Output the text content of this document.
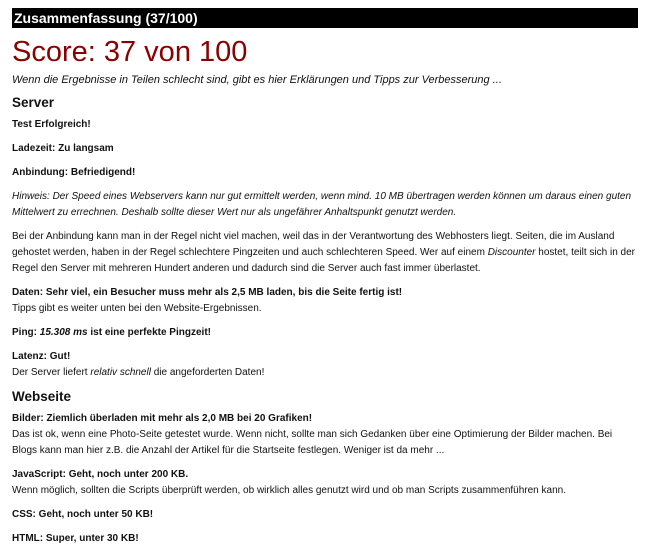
Zusammenfassung (37/100)
Score: 37 von 100
Wenn die Ergebnisse in Teilen schlecht sind, gibt es hier Erklärungen und Tipps zur Verbesserung ...
Server

Test Erfolgreich!

Ladezeit: Zu langsam

Anbindung: Befriedigend!

Hinweis: Der Speed eines Webservers kann nur gut ermittelt werden, wenn mind. 10 MB übertragen werden können um daraus einen guten Mittelwert zu errechnen. Deshalb sollte dieser Wert nur als ungefährer Anhaltspunkt genutzt werden.

Bei der Anbindung kann man in der Regel nicht viel machen, weil das in der Verantwortung des Webhosters liegt. Seiten, die im Ausland gehostet werden, haben in der Regel schlechtere Pingzeiten und auch schlechteren Speed. Wer auf einem Discounter hostet, teilt sich in der Regel den Server mit mehreren Hundert anderen und dadurch sind die Server auch fast immer überlastet.

Daten: Sehr viel, ein Besucher muss mehr als 2,5 MB laden, bis die Seite fertig ist!
Tipps gibt es weiter unten bei den Website-Ergebnissen.

Ping: 15.308 ms ist eine perfekte Pingzeit!

Latenz: Gut!
Der Server liefert relativ schnell die angeforderten Daten!

Webseite

Bilder: Ziemlich überladen mit mehr als 2,0 MB bei 20 Grafiken!
Das ist ok, wenn eine Photo-Seite getestet wurde. Wenn nicht, sollte man sich Gedanken über eine Optimierung der Bilder machen. Bei Blogs kann man hier z.B. die Anzahl der Artikel für die Startseite festlegen. Weniger ist da mehr ...

JavaScript: Geht, noch unter 200 KB.
Wenn möglich, sollten die Scripts überprüft werden, ob wirklich alles genutzt wird und ob man Scripts zusammenführen kann.

CSS: Geht, noch unter 50 KB!

HTML: Super, unter 30 KB!
